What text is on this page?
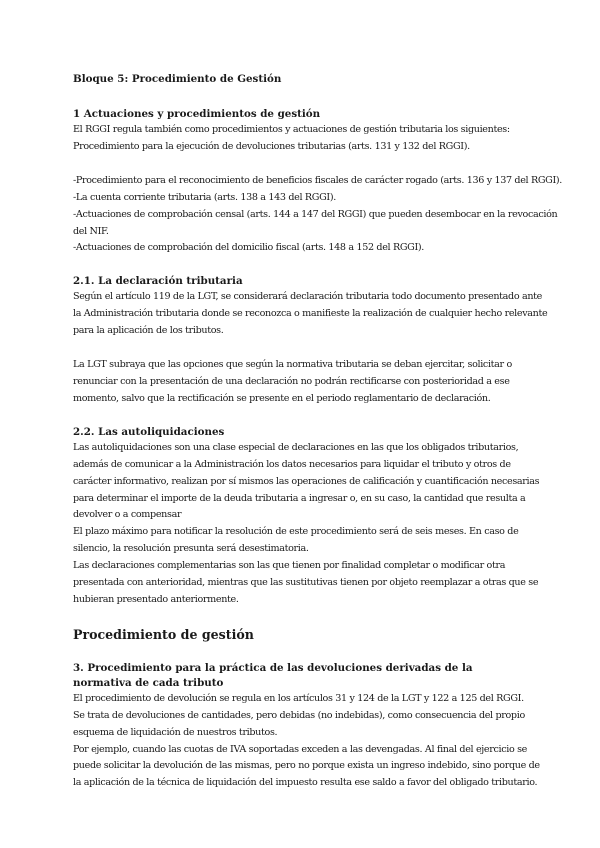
Bloque 5: Procedimiento de Gestión
1 Actuaciones y procedimientos de gestión

El RGGI regula también como procedimientos y actuaciones de gestión tributaria los siguientes:

Procedimiento para la ejecución de devoluciones tributarias (arts. 131 y 132 del RGGI).

-Procedimiento para el reconocimiento de beneficios fiscales de carácter rogado (arts. 136 y 137 del RGGI).

-La cuenta corriente tributaria (arts. 138 a 143 del RGGI).

-Actuaciones de comprobación censal (arts. 144 a 147 del RGGI) que pueden desembocar en la revocación

del NIF.

-Actuaciones de comprobación del domicilio fiscal (arts. 148 a 152 del RGGI).

2.1. La declaración tributaria

Según el artículo 119 de la LGT, se considerará declaración tributaria todo documento presentado ante

la Administración tributaria donde se reconozca o manifieste la realización de cualquier hecho relevante

para la aplicación de los tributos.

La LGT subraya que las opciones que según la normativa tributaria se deban ejercitar, solicitar o

renunciar con la presentación de una declaración no podrán rectificarse con posterioridad a ese

momento, salvo que la rectificación se presente en el periodo reglamentario de declaración.

2.2. Las autoliquidaciones

Las autoliquidaciones son una clase especial de declaraciones en las que los obligados tributarios,

además de comunicar a la Administración los datos necesarios para liquidar el tributo y otros de

carácter informativo, realizan por sí mismos las operaciones de calificación y cuantificación necesarias

para determinar el importe de la deuda tributaria a ingresar o, en su caso, la cantidad que resulta a

devolver o a compensar

El plazo máximo para notificar la resolución de este procedimiento será de seis meses. En caso de

silencio, la resolución presunta será desestimatoria.

Las declaraciones complementarias son las que tienen por finalidad completar o modificar otra

presentada con anterioridad, mientras que las sustitutivas tienen por objeto reemplazar a otras que se

hubieran presentado anteriormente.

Procedimiento de gestión
3. Procedimiento para la práctica de las devoluciones derivadas de la normativa de cada tributo

El procedimiento de devolución se regula en los artículos 31 y 124 de la LGT y 122 a 125 del RGGI.

Se trata de devoluciones de cantidades, pero debidas (no indebidas), como consecuencia del propio

esquema de liquidación de nuestros tributos.

Por ejemplo, cuando las cuotas de IVA soportadas exceden a las devengadas. Al final del ejercicio se

puede solicitar la devolución de las mismas, pero no porque exista un ingreso indebido, sino porque de

la aplicación de la técnica de liquidación del impuesto resulta ese saldo a favor del obligado tributario.
